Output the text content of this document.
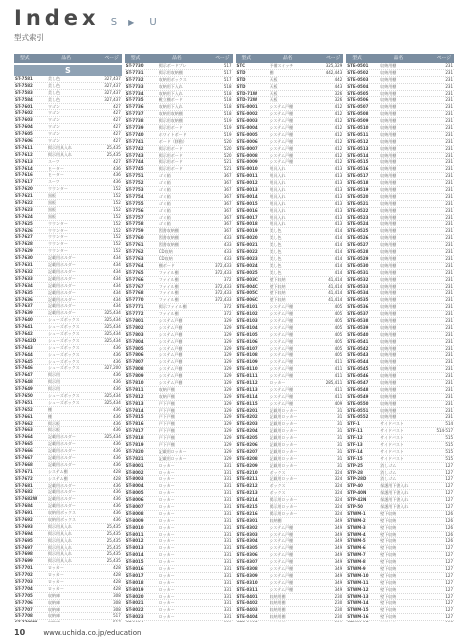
Index S ▶ U
型式索引
型式	品名	ページ
S
ST-7581	美し色	327,437
ST-7582	美し色	327,437
ST-7583	美し色	327,437
ST-7584	美し色	327,437
ST-7601	ワゴン	427
ST-7602	ワゴン	427
ST-7603	ワゴン	427
ST-7604	ワゴン	427
ST-7605	ワゴン	427
ST-7606	ワゴン	427
ST-7611	掲示用具入れ	25,435
ST-7612	掲示用具入れ	25,435
ST-7613	スーツ	427
ST-7614	ヒーター	436
ST-7616	ヒーター	436
ST-7617	スーツ	436
ST-7620	ウウンター	152
ST-7621	黒板	152
ST-7622	黒板	152
ST-7623	黒板	152
ST-7624	黒板	152
ST-7625	ウウンター	152
ST-7626	ウウンター	152
ST-7627	ウウンター	152
ST-7628	ウウンター	152
ST-7629	ウウンター	152
ST-7630	記載用ホルダー	434
ST-7631	記載用ホルダー	434
ST-7632	記載用ホルダー	434
ST-7633	記載用ホルダー	434
ST-7634	記載用ホルダー	434
ST-7635	記載用ホルダー	434
ST-7636	記載用ホルダー	434
ST-7637	記載用ホルダー	434
ST-7639	記載用ホルダー	325,434
ST-7640	シューズボックス	325,434
ST-7641	シューズボックス	325,434
ST-7642	シューズボックス	325,434
ST-7642D	シューズボックス	325,434
ST-7643	シューズボックス	436
ST-7644	シューズボックス	436
ST-7645	シューズボックス	436
ST-7646	シューズボックス	327,200
ST-7647	掲示用	436
ST-7648	掲示用	436
ST-7649	掲示用	436
ST-7650	シューズボックス	325,434
ST-7651	シューズボックス	325,434
ST-7652	棚	436
ST-7661	棚	436
ST-7662	掲示板	436
ST-7663	掲示板	436
ST-7664	記載用ホルダー	325,434
ST-7665	記載用ホルダー	436
ST-7666	記載用ホルダー	436
ST-7667	記載用ホルダー	436
ST-7668	記載用ホルダー	436
ST-7671	システム棚	428
ST-7672	システム棚	428
ST-7681	記載用ホルダー	436
ST-7682	記載用ホルダー	436
ST-7682W	記載用ホルダー	436
ST-7684	記載用ホルダー	436
ST-7691	収納用ボックス	436
ST-7692	収納用ボックス	436
ST-7693	掲示用具入れ	25,435
ST-7694	掲示用具入れ	25,435
ST-7695	掲示用具入れ	25,435
ST-7697	掲示用具入れ	25,435
ST-7698	掲示用具入れ	25,435
ST-7699	掲示用具入れ	25,435
ST-7701	ロッカー	428
ST-7702	ロッカー	428
ST-7703	ロッカー	428
ST-7704	ロッカー	428
ST-7705	収納庫	308
ST-7706	収納庫	308
ST-7707	収納庫	308
ST-7708	収納庫	517
型式	品名	ページ
ST-7730	掲示ボードプレ	517
ST-7731	掲示用収納棚	517
ST-7732	収納用ボックス	517
ST-7733	収納用下入れ	518
ST-7734	収納用下入れ	518
ST-7735	靴立棚ボード	518
ST-7736	収納用下入れ	518
ST-7737	収納用収納棚	518
ST-7738	掲示用収納棚	519
ST-7739	掲示用ボード	519
ST-7740	ホワイトボード	519
ST-7741	ボード（移動）	520
ST-7742	掲示用ボード	520
ST-7743	掲示用ボード	520
ST-7744	掲示用ボード	521
ST-7745	掲示用ボード	521
ST-7751	ゴミ箱	367
ST-7752	ゴミ箱	367
ST-7753	ゴミ箱	367
ST-7754	ゴミ箱	367
ST-7755	ゴミ箱	367
ST-7756	ゴミ箱	367
ST-7757	ゴミ箱	367
ST-7758	ゴミ箱	367
ST-7759	図書収納棚	367
ST-7760	図書収納棚	433
ST-7761	図書収納棚	433
ST-7762	CD収納	433
ST-7763	CD収納	433
ST-7764	棚ボード	372,433
ST-7765	ファイル棚	372,433
ST-7766	ファイル棚	372
ST-7767	ファイル棚	372,433
ST-7768	ファイル棚	372,433
ST-7770	ファイル棚	372,433
ST-7771	掲示ファイル棚	372
ST-7772	ファイル棚	372
ST-7801	システム戸棚	329
ST-7802	システム戸棚	329
ST-7803	システム戸棚	329
ST-7804	システム戸棚	329
ST-7805	システム戸棚	329
ST-7806	システム戸棚	329
ST-7807	システム戸棚	329
ST-7808	システム戸棚	329
ST-7809	システム戸棚	329
ST-7810	システム戸棚	329
ST-7811	収納戸棚	329
ST-7812	収納戸棚	329
ST-7813	戸下戸棚	329
ST-7814	戸下戸棚	329
ST-7815	戸下戸棚	329
ST-7816	戸下戸棚	329
ST-7817	戸下戸棚	329
ST-7818	戸下戸棚	329
ST-7819	戸下戸棚	329
ST-7820	記載用ロッカー	329
ST-7821	記載用ロッカー	329
ST-8001	ロッカー	331
ST-8002	ロッカー	331
ST-8003	ロッカー	331
ST-8004	ロッカー	331
ST-8005	ロッカー	331
ST-8006	ロッカー	331
ST-8007	ロッカー	331
ST-8008	ロッカー	331
ST-8009	ロッカー	331
ST-8010	ロッカー	331
ST-8011	ロッカー	331
ST-8012	ロッカー	331
ST-8013	ロッカー	331
ST-8014	ロッカー	331
ST-8015	ロッカー	331
ST-8016	ロッカー	331
ST-8017	ロッカー	331
ST-8018	ロッカー	331
ST-8019	ロッカー	331
ST-8020	ロッカー	331
ST-8021	ロッカー	331
ST-8022	ロッカー	331
ST-8023	ロッカー	331
型式	品名	ページ
STC	予備スイッチ	325,329
STD	棚	442,443
STD	天板	442
STD	天板	443
STD-71W	天板	326
STD-72W	天板	326
STE-0001	システム戸棚	412
STE-0002	システム戸棚	412
STE-0003	システム戸棚	412
STE-0004	システム戸棚	412
STE-0005	システム戸棚	412
STE-0006	システム戸棚	412
STE-0007	システム戸棚	412
STE-0008	システム戸棚	412
STE-0009	システム戸棚	412
STE-0010	用具入れ	413
STE-0011	用具入れ	413
STE-0012	用具入れ	413
STE-0013	用具入れ	413
STE-0014	用具入れ	413
STE-0015	用具入れ	413
STE-0016	用具入れ	413
STE-0017	用具入れ	413
STE-0018	用具入れ	413
STE-0019	美し色	414
STE-0020	美し色	414
STE-0021	美し色	414
STE-0022	美し色	414
STE-0023	美し色	414
STE-0024	美し色	414
STE-0025	美し色	414
STE-003C	壁下収納	41,414
STE-004C	壁下収納	41,414
STE-005C	壁下収納	41,414
STE-006C	壁下収納	41,414
STE-0101	システム戸棚	405
STE-0102	システム戸棚	405
STE-0103	システム戸棚	405
STE-0104	システム戸棚	405
STE-0105	システム戸棚	405
STE-0106	システム戸棚	405
STE-0107	システム戸棚	405
STE-0108	システム戸棚	405
STE-0109	システム戸棚	411
STE-0110	システム戸棚	411
STE-0111	システム戸棚	411
STE-0112	ロッカー	285,411
STE-0113	システム戸棚	411
STE-0114	システム戸棚	411
STE-0115	システム戸棚	409
STE-0201	記載用ロッカー	31
STE-0202	記載用ロッカー	31
STE-0203	記載用ロッカー	31
STE-0204	記載用ロッカー	31
STE-0205	記載用ロッカー	31
STE-0206	記載用ロッカー	31
STE-0207	記載用ロッカー	31
STE-0208	記載用ロッカー	31
STE-0209	記載用ロッカー	31
STE-0210	ボックス	324
STE-0211	記載用ロッカー	324
STE-0212	ボックス	324
STE-0213	ボックス	324
STE-0214	掲示用ロッカー	324
STE-0215	掲示用ロッカー	324
STE-0216	掲示用ロッカー	324
STE-0301	収納棚	349
STE-0302	システム戸棚	349
STE-0303	システム戸棚	349
STE-0304	システム戸棚	349
STE-0305	システム戸棚	349
STE-0306	システム戸棚	349
STE-0307	システム戸棚	349
STE-0308	システム戸棚	349
STE-0309	システム戸棚	349
STE-0310	システム戸棚	349
STE-0311	システム戸棚	349
STE-0401	収納用棚	230
STE-0402	収納用棚	230
STE-0403	収納用棚	230
STE-0404	収納用棚	230
型式	品名	ページ
STE-0501	収納用棚	231
STE-0502	収納用棚	231
STE-0503	収納用棚	231
STE-0504	収納用棚	231
STE-0505	収納用棚	231
STE-0506	収納用棚	231
STE-0507	収納用棚	231
STE-0508	収納用棚	231
STE-0509	収納用棚	231
STE-0510	収納用棚	231
STE-0511	収納用棚	231
STE-0512	収納用棚	231
STE-0513	収納用棚	231
STE-0514	収納用棚	231
STE-0515	収納用棚	231
STE-0516	収納用棚	231
STE-0517	収納用棚	231
STE-0518	収納用棚	231
STE-0519	収納用棚	231
STE-0520	収納用棚	231
STE-0521	収納用棚	231
STE-0522	収納用棚	231
STE-0523	収納用棚	231
STE-0524	収納用棚	231
STE-0525	収納用棚	231
STE-0526	収納用棚	231
STE-0527	収納用棚	231
STE-0528	収納用棚	231
STE-0529	収納用棚	231
STE-0530	収納用棚	231
STE-0531	収納用棚	231
STE-0532	収納用棚	231
STE-0533	収納用棚	231
STE-0534	収納用棚	231
STE-0535	収納用棚	231
STE-0536	収納用棚	231
STE-0537	収納用棚	231
STE-0538	収納用棚	231
STE-0539	収納用棚	231
STE-0540	収納用棚	231
STE-0541	収納用棚	231
STE-0542	収納用棚	231
STE-0543	収納用棚	231
STE-0544	収納用棚	231
STE-0545	収納用棚	231
STE-0546	収納用棚	231
STE-0547	収納用棚	231
STE-0548	収納用棚	231
STE-0549	収納用棚	231
STE-0550	収納用棚	231
STE-0551	収納用棚	231
STE-0552	収納用棚	231
STF-1	サイドバスト	514
STF-11	サイドバスト	514·517
STF-12	サイドバスト	515
STF-13	サイドバスト	515
STF-14	サイドバスト	515
STF-15	サイドバスト	515
STP-25	消しゴム	127
STP-28	消しゴム	127
STP-28D	消しゴム	127
STP-40	保護用下書入れ	127
STP-40N	保護用下書入れ	127
STP-42N	保護用下書入れ	127
STP-50	保護用下書入れ	127
STWM-1	壁下収納	126
STWM-2	壁下収納	126
STWM-3	壁下収納	126
STWM-4	壁下収納	126
STWM-5	壁下収納	126
STWM-6	壁下収納	127
STWM-7	壁下収納	127
STWM-8	壁下収納	127
STWM-9	壁下収納	127
STWM-10	壁下収納	127
STWM-11	壁下収納	127
STWM-12	壁下収納	127
STWM-13	壁下収納	127
STWM-14	壁下収納	127
STWM-15	壁下収納	127
STWM-16	壁下収納	127
10	www.uchida.co.jp/education
